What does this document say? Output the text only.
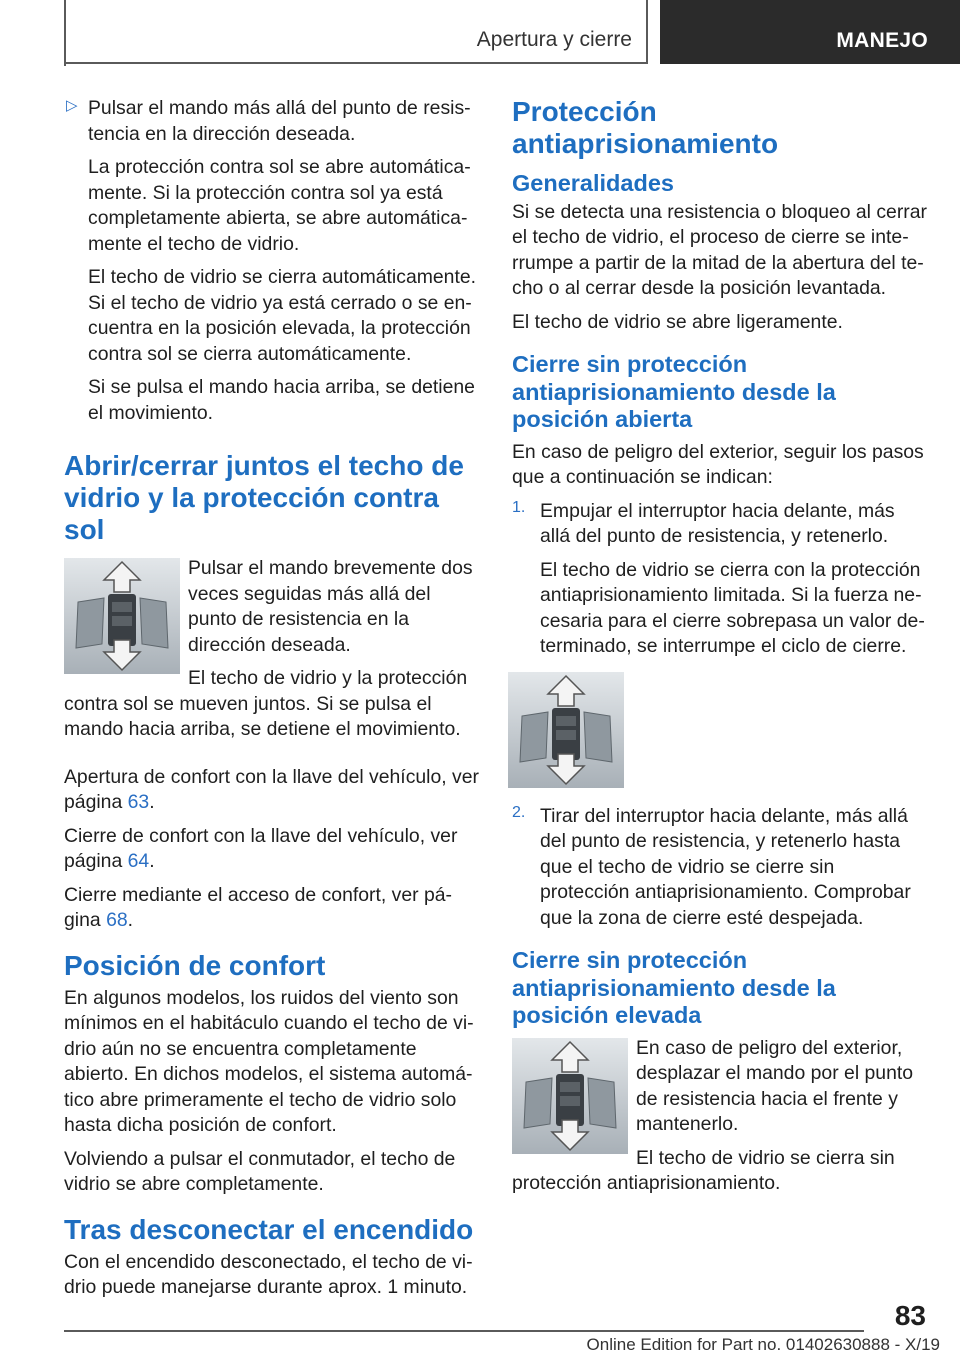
Apertura y cierre	MANEJO
▷ Pulsar el mando más allá del punto de resistencia en la dirección deseada.

La protección contra sol se abre automáticamente. Si la protección contra sol ya está completamente abierta, se abre automáticamente el techo de vidrio.

El techo de vidrio se cierra automáticamente. Si el techo de vidrio ya está cerrado o se encuentra en la posición elevada, la protección contra sol se cierra automáticamente.

Si se pulsa el mando hacia arriba, se detiene el movimiento.

Abrir/cerrar juntos el techo de vidrio y la protección contra sol

Pulsar el mando brevemente dos veces seguidas más allá del punto de resistencia en la dirección deseada.

El techo de vidrio y la protección contra sol se mueven juntos. Si se pulsa el mando hacia arriba, se detiene el movimiento.

Apertura de confort con la llave del vehículo, ver página 63.

Cierre de confort con la llave del vehículo, ver página 64.

Cierre mediante el acceso de confort, ver página 68.

Posición de confort

En algunos modelos, los ruidos del viento son mínimos en el habitáculo cuando el techo de vidrio aún no se encuentra completamente abierto. En dichos modelos, el sistema automático abre primeramente el techo de vidrio solo hasta dicha posición de confort.

Volviendo a pulsar el conmutador, el techo de vidrio se abre completamente.

Tras desconectar el encendido

Con el encendido desconectado, el techo de vidrio puede manejarse durante aprox. 1 minuto.

Protección antiaprisionamiento
Generalidades

Si se detecta una resistencia o bloqueo al cerrar el techo de vidrio, el proceso de cierre se interrumpe a partir de la mitad de la abertura del techo o al cerrar desde la posición levantada.

El techo de vidrio se abre ligeramente.

Cierre sin protección antiaprisionamiento desde la posición abierta

En caso de peligro del exterior, seguir los pasos que a continuación se indican:

1. Empujar el interruptor hacia delante, más allá del punto de resistencia, y retenerlo.

El techo de vidrio se cierra con la protección antiaprisionamiento limitada. Si la fuerza necesaria para el cierre sobrepasa un valor determinado, se interrumpe el ciclo de cierre.

2. Tirar del interruptor hacia delante, más allá del punto de resistencia, y retenerlo hasta que el techo de vidrio se cierre sin protección antiaprisionamiento. Comprobar que la zona de cierre esté despejada.

Cierre sin protección antiaprisionamiento desde la posición elevada

En caso de peligro del exterior, desplazar el mando por el punto de resistencia hacia el frente y mantenerlo.

El techo de vidrio se cierra sin protección antiaprisionamiento.

83
Online Edition for Part no. 01402630888 - X/19
